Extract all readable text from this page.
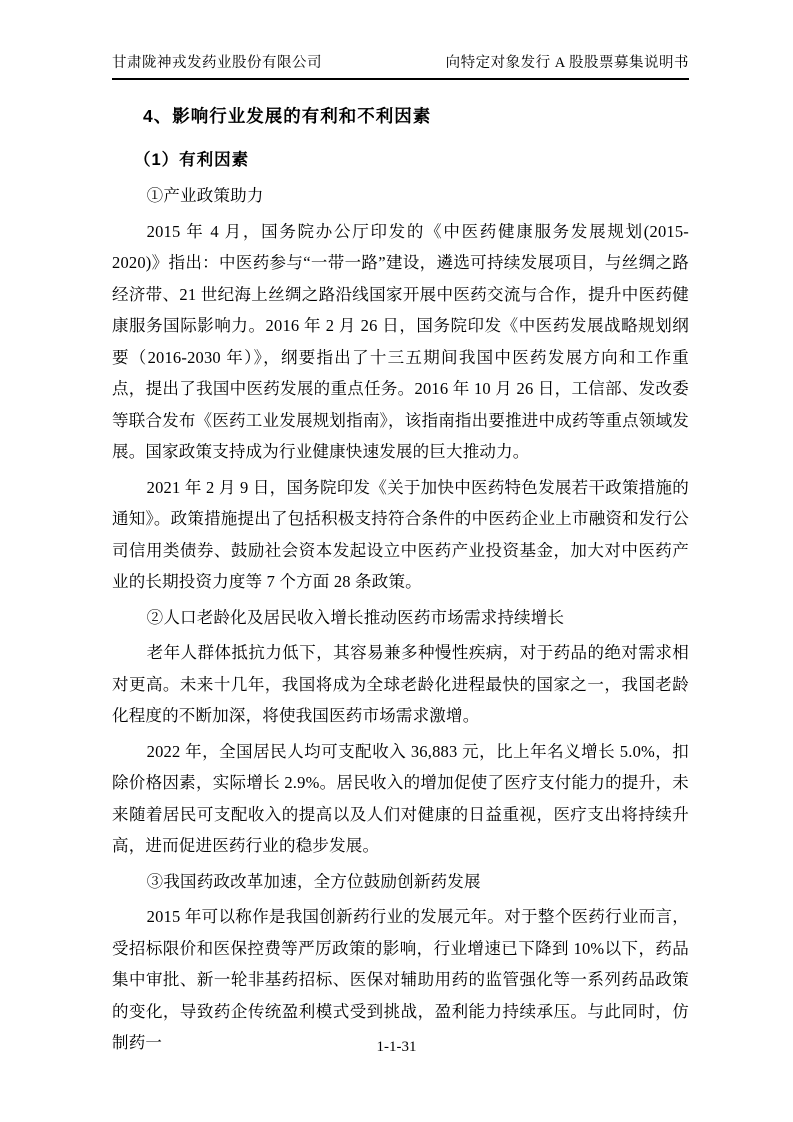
甘肃陇神戎发药业股份有限公司	向特定对象发行 A 股股票募集说明书
4、影响行业发展的有利和不利因素
（1）有利因素

①产业政策助力

2015 年 4 月，国务院办公厅印发的《中医药健康服务发展规划(2015-2020)》指出：中医药参与“一带一路”建设，遴选可持续发展项目，与丝绸之路经济带、21 世纪海上丝绸之路沿线国家开展中医药交流与合作，提升中医药健康服务国际影响力。2016 年 2 月 26 日，国务院印发《中医药发展战略规划纲要（2016-2030 年）》，纲要指出了十三五期间我国中医药发展方向和工作重点，提出了我国中医药发展的重点任务。2016 年 10 月 26 日，工信部、发改委等联合发布《医药工业发展规划指南》，该指南指出要推进中成药等重点领域发展。国家政策支持成为行业健康快速发展的巨大推动力。

2021 年 2 月 9 日，国务院印发《关于加快中医药特色发展若干政策措施的通知》。政策措施提出了包括积极支持符合条件的中医药企业上市融资和发行公司信用类债券、鼓励社会资本发起设立中医药产业投资基金，加大对中医药产业的长期投资力度等 7 个方面 28 条政策。

②人口老龄化及居民收入增长推动医药市场需求持续增长

老年人群体抵抗力低下，其容易兼多种慢性疾病，对于药品的绝对需求相对更高。未来十几年，我国将成为全球老龄化进程最快的国家之一，我国老龄化程度的不断加深，将使我国医药市场需求激增。

2022 年，全国居民人均可支配收入 36,883 元，比上年名义增长 5.0%，扣除价格因素，实际增长 2.9%。居民收入的增加促使了医疗支付能力的提升，未来随着居民可支配收入的提高以及人们对健康的日益重视，医疗支出将持续升高，进而促进医药行业的稳步发展。

③我国药政改革加速，全方位鼓励创新药发展

2015 年可以称作是我国创新药行业的发展元年。对于整个医药行业而言，受招标限价和医保控费等严厉政策的影响，行业增速已下降到 10%以下，药品集中审批、新一轮非基药招标、医保对辅助用药的监管强化等一系列药品政策的变化，导致药企传统盈利模式受到挑战，盈利能力持续承压。与此同时，仿制药一	1-1-31
